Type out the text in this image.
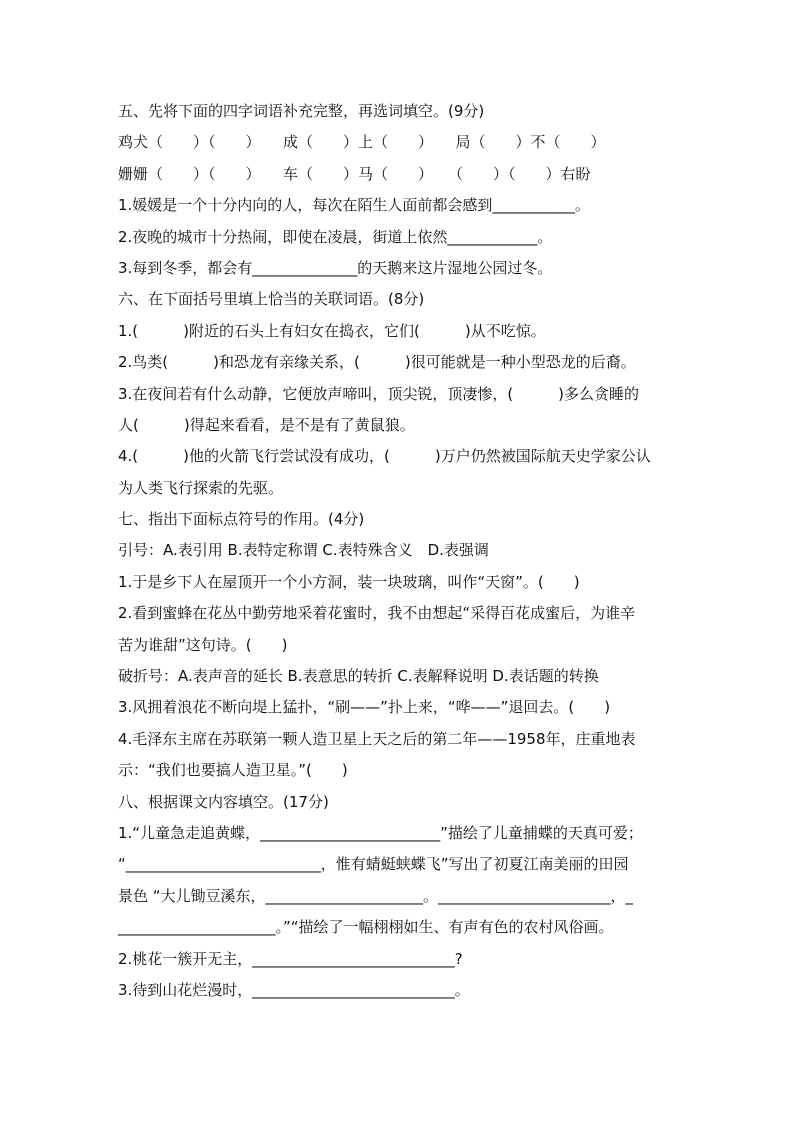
五、先将下面的四字词语补充完整，再选词填空。(9分)
鸡犬（　　）（　　）　　成（　　）上（　　）　　局（　　）不（　　）
姗姗（　　）（　　）　　车（　　）马（　　）　　（　　）（　　）右盼
1.媛媛是一个十分内向的人，每次在陌生人面前都会感到___________。
2.夜晚的城市十分热闹，即使在凌晨，街道上依然____________。
3.每到冬季，都会有______________的天鹅来这片湿地公园过冬。
六、在下面括号里填上恰当的关联词语。(8分)
1.(　　　)附近的石头上有妇女在捣衣，它们(　　　)从不吃惊。
2.鸟类(　　　)和恐龙有亲缘关系，(　　　)很可能就是一种小型恐龙的后裔。
3.在夜间若有什么动静，它便放声啼叫，顶尖锐，顶凄惨，(　　　)多么贪睡的
人(　　　)得起来看看，是不是有了黄鼠狼。
4.(　　　)他的火箭飞行尝试没有成功，(　　　)万户仍然被国际航天史学家公认
为人类飞行探索的先驱。
七、指出下面标点符号的作用。(4分)
引号：A.表引用 B.表特定称谓 C.表特殊含义　D.表强调
1.于是乡下人在屋顶开一个小方洞，装一块玻璃，叫作“天窗”。(　　)
2.看到蜜蜂在花丛中勤劳地采着花蜜时，我不由想起“采得百花成蜜后，为谁辛
苦为谁甜”这句诗。(　　)
破折号：A.表声音的延长 B.表意思的转折 C.表解释说明 D.表话题的转换
3.风拥着浪花不断向堤上猛扑，“刷——”扑上来，“哗——”退回去。(　　)
4.毛泽东主席在苏联第一颗人造卫星上天之后的第二年——1958年，庄重地表
示：“我们也要搞人造卫星。”(　　)
八、根据课文内容填空。(17分)
1.“儿童急走追黄蝶，________________________”描绘了儿童捕蝶的天真可爱；
“__________________________，惟有蜻蜓蛱蝶飞”写出了初夏江南美丽的田园
景色 “大儿锄豆溪东，_____________________。_______________________，_
_____________________。”“描绘了一幅栩栩如生、有声有色的农村风俗画。
2.桃花一簇开无主，___________________________?
3.待到山花烂漫时，___________________________。
